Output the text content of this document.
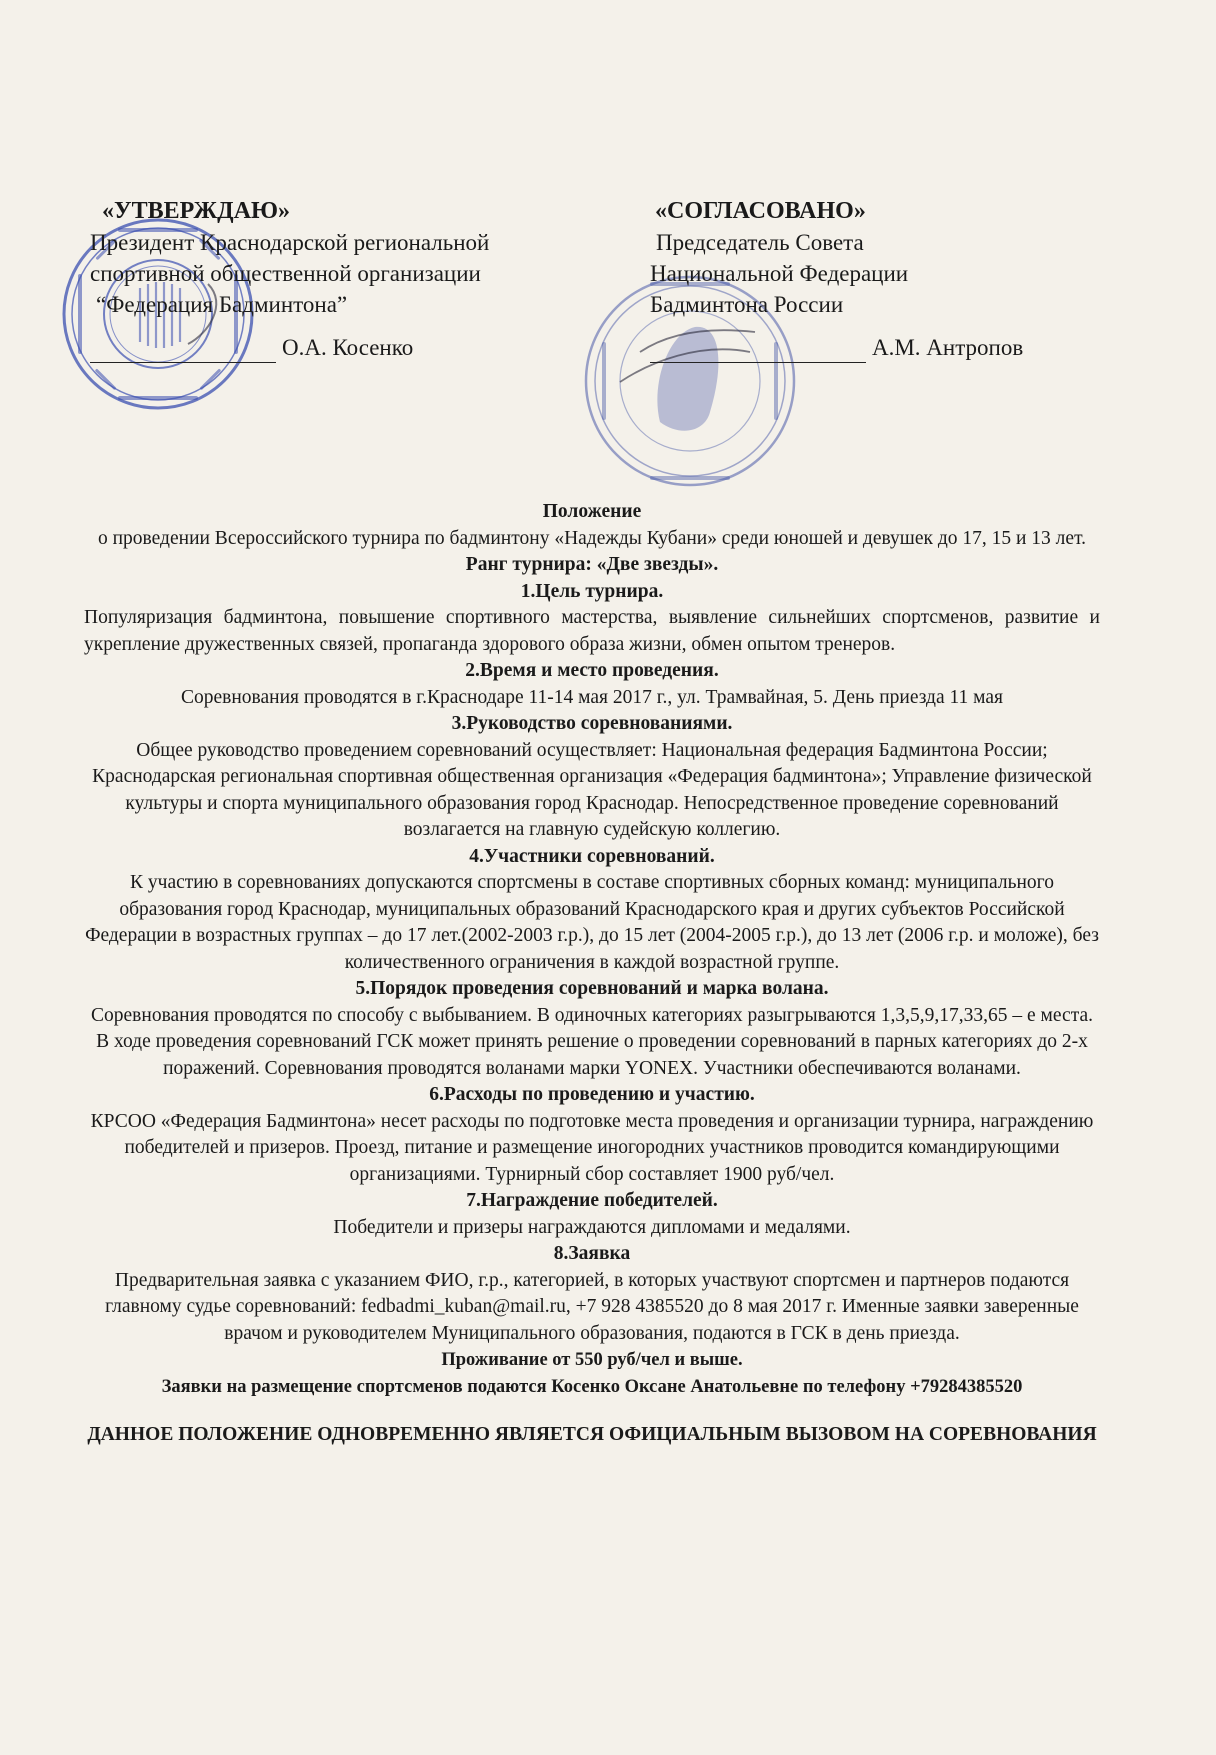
«УТВЕРЖДАЮ»
Президент Краснодарской региональной
спортивной общественной организации
“Федерация Бадминтона”
О.А. Косенко
«СОГЛАСОВАНО»
Председатель Совета
Национальной Федерации
Бадминтона России
А.М. Антропов

Положение

о проведении Всероссийского турнира по бадминтону «Надежды Кубани» среди юношей и девушек до 17, 15 и 13 лет. Ранг турнира: «Две звезды».

1.Цель турнира.

Популяризация бадминтона, повышение спортивного мастерства, выявление сильнейших спортсменов, развитие и укрепление дружественных связей, пропаганда здорового образа жизни, обмен опытом тренеров.

2.Время и место проведения.

Соревнования проводятся в г.Краснодаре 11-14 мая 2017 г., ул. Трамвайная, 5. День приезда 11 мая

3.Руководство соревнованиями.

Общее руководство проведением соревнований осуществляет: Национальная федерация Бадминтона России; Краснодарская региональная спортивная общественная организация «Федерация бадминтона»; Управление физической культуры и спорта муниципального образования город Краснодар. Непосредственное проведение соревнований возлагается на главную судейскую коллегию.

4.Участники соревнований.

К участию в соревнованиях допускаются спортсмены в составе спортивных сборных команд: муниципального образования город Краснодар, муниципальных образований Краснодарского края и других субъектов Российской Федерации в возрастных группах – до 17 лет.(2002-2003 г.р.), до 15 лет (2004-2005 г.р.), до 13 лет (2006 г.р. и моложе), без количественного ограничения в каждой возрастной группе.

5.Порядок проведения соревнований и марка волана.

Соревнования проводятся по способу с выбыванием. В одиночных категориях разыгрываются 1,3,5,9,17,33,65 – е места. В ходе проведения соревнований ГСК может принять решение о проведении соревнований в парных категориях до 2-х поражений. Соревнования проводятся воланами марки YONEX. Участники обеспечиваются воланами.

6.Расходы по проведению и участию.

КРСОО «Федерация Бадминтона» несет расходы по подготовке места проведения и организации турнира, награждению победителей и призеров. Проезд, питание и размещение иногородних участников проводится командирующими организациями. Турнирный сбор составляет 1900 руб/чел.

7.Награждение победителей.

Победители и призеры награждаются дипломами и медалями.

8.Заявка

Предварительная заявка с указанием ФИО, г.р., категорией, в которых участвуют спортсмен и партнеров подаются главному судье соревнований: fedbadmi_kuban@mail.ru, +7 928 4385520 до 8 мая 2017 г. Именные заявки заверенные врачом и руководителем Муниципального образования, подаются в ГСК в день приезда.

Проживание от 550 руб/чел и выше.

Заявки на размещение спортсменов подаются Косенко Оксане Анатольевне по телефону +79284385520

ДАННОЕ ПОЛОЖЕНИЕ ОДНОВРЕМЕННО ЯВЛЯЕТСЯ ОФИЦИАЛЬНЫМ ВЫЗОВОМ НА СОРЕВНОВАНИЯ
